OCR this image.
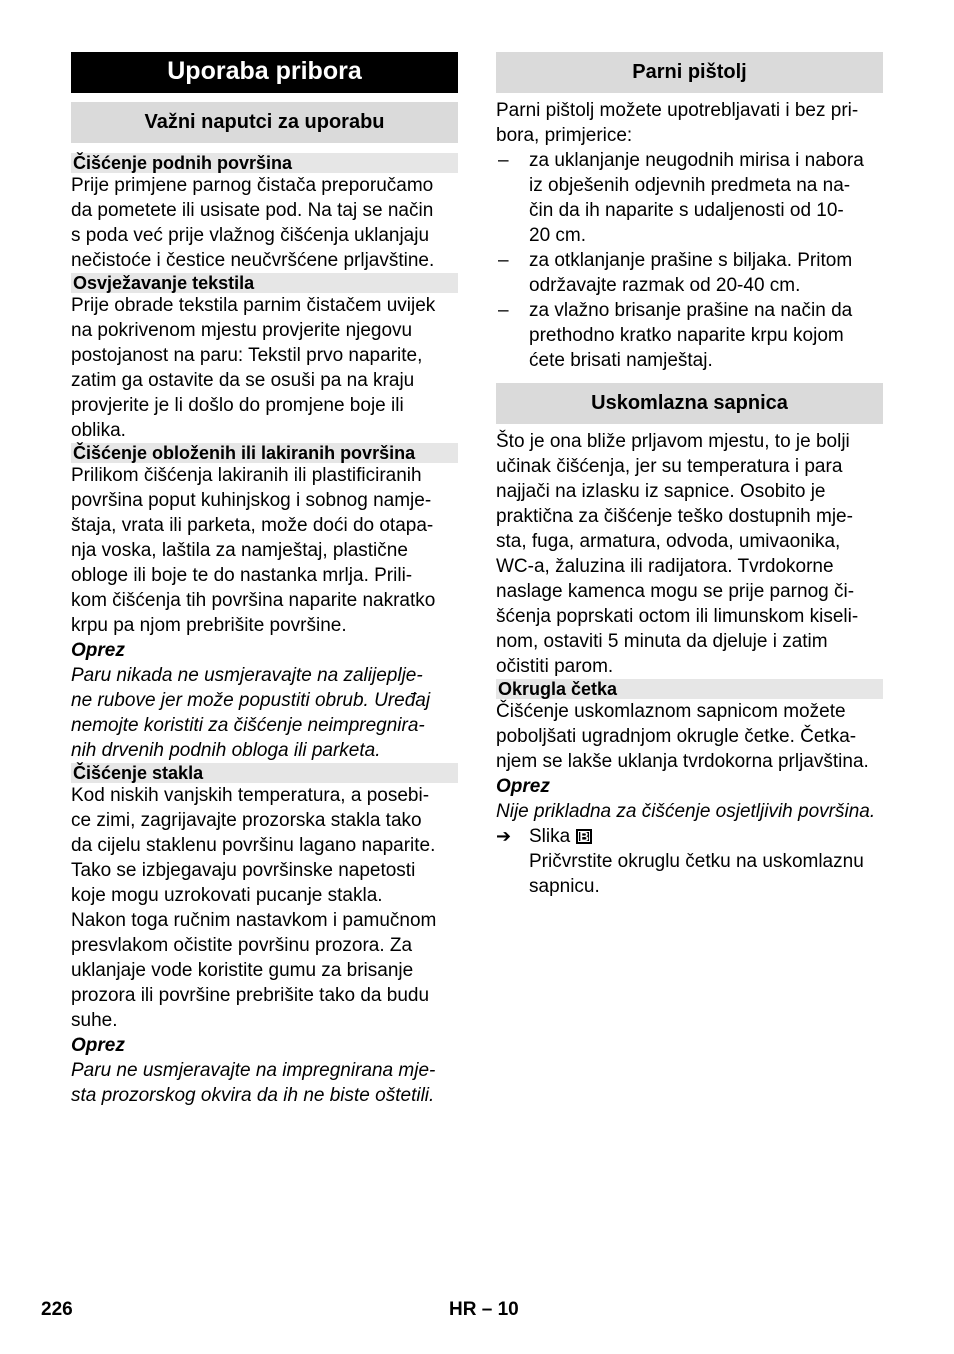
Uporaba pribora
Važni naputci za uporabu
Čišćenje podnih površina

Prije primjene parnog čistača preporučamo

da pometete ili usisate pod. Na taj se način

s poda već prije vlažnog čišćenja uklanjaju

nečistoće i čestice neučvršćene prljavštine.

Osvježavanje tekstila

Prije obrade tekstila parnim čistačem uvijek

na pokrivenom mjestu provjerite njegovu

postojanost na paru: Tekstil prvo naparite,

zatim ga ostavite da se osuši pa na kraju

provjerite je li došlo do promjene boje ili

oblika.

Čišćenje obloženih ili lakiranih površina

Prilikom čišćenja lakiranih ili plastificiranih

površina poput kuhinjskog i sobnog namje-

štaja, vrata ili parketa, može doći do otapa-

nja voska, laštila za namještaj, plastične

obloge ili boje te do nastanka mrlja. Prili-

kom čišćenja tih površina naparite nakratko

krpu pa njom prebrišite površine.

Oprez

Paru nikada ne usmjeravajte na zalijeplje-

ne rubove jer može popustiti obrub. Uređaj

nemojte koristiti za čišćenje neimpregnira-

nih drvenih podnih obloga ili parketa.

Čišćenje stakla

Kod niskih vanjskih temperatura, a posebi-

ce zimi, zagrijavajte prozorska stakla tako

da cijelu staklenu površinu lagano naparite.

Tako se izbjegavaju površinske napetosti

koje mogu uzrokovati pucanje stakla.

Nakon toga ručnim nastavkom i pamučnom

presvlakom očistite površinu prozora. Za

uklanjaje vode koristite gumu za brisanje

prozora ili površine prebrišite tako da budu

suhe.

Oprez

Paru ne usmjeravajte na impregnirana mje-

sta prozorskog okvira da ih ne biste oštetili.

Parni pištolj

Parni pištolj možete upotrebljavati i bez pri-

bora, primjerice:

–	za uklanjanje neugodnih mirisa i nabora

iz obješenih odjevnih predmeta na na-

čin da ih naparite s udaljenosti od 10-

20 cm.

–	za otklanjanje prašine s biljaka. Pritom

održavajte razmak od 20-40 cm.

–	za vlažno brisanje prašine na način da

prethodno kratko naparite krpu kojom

ćete brisati namještaj.

Uskomlazna sapnica

Što je ona bliže prljavom mjestu, to je bolji

učinak čišćenja, jer su temperatura i para

najjači na izlasku iz sapnice. Osobito je

praktična za čišćenje teško dostupnih mje-

sta, fuga, armatura, odvoda, umivaonika,

WC-a, žaluzina ili radijatora. Tvrdokorne

naslage kamenca mogu se prije parnog či-

šćenja poprskati octom ili limunskom kiseli-

nom, ostaviti 5 minuta da djeluje i zatim

očistiti parom.

Okrugla četka

Čišćenje uskomlaznom sapnicom možete

poboljšati ugradnjom okrugle četke. Četka-

njem se lakše uklanja tvrdokorna prljavština.

Oprez

Nije prikladna za čišćenje osjetljivih površina.

➔ Slika B

Pričvrstite okruglu četku na uskomlaznu

sapnicu.

226	HR – 10
